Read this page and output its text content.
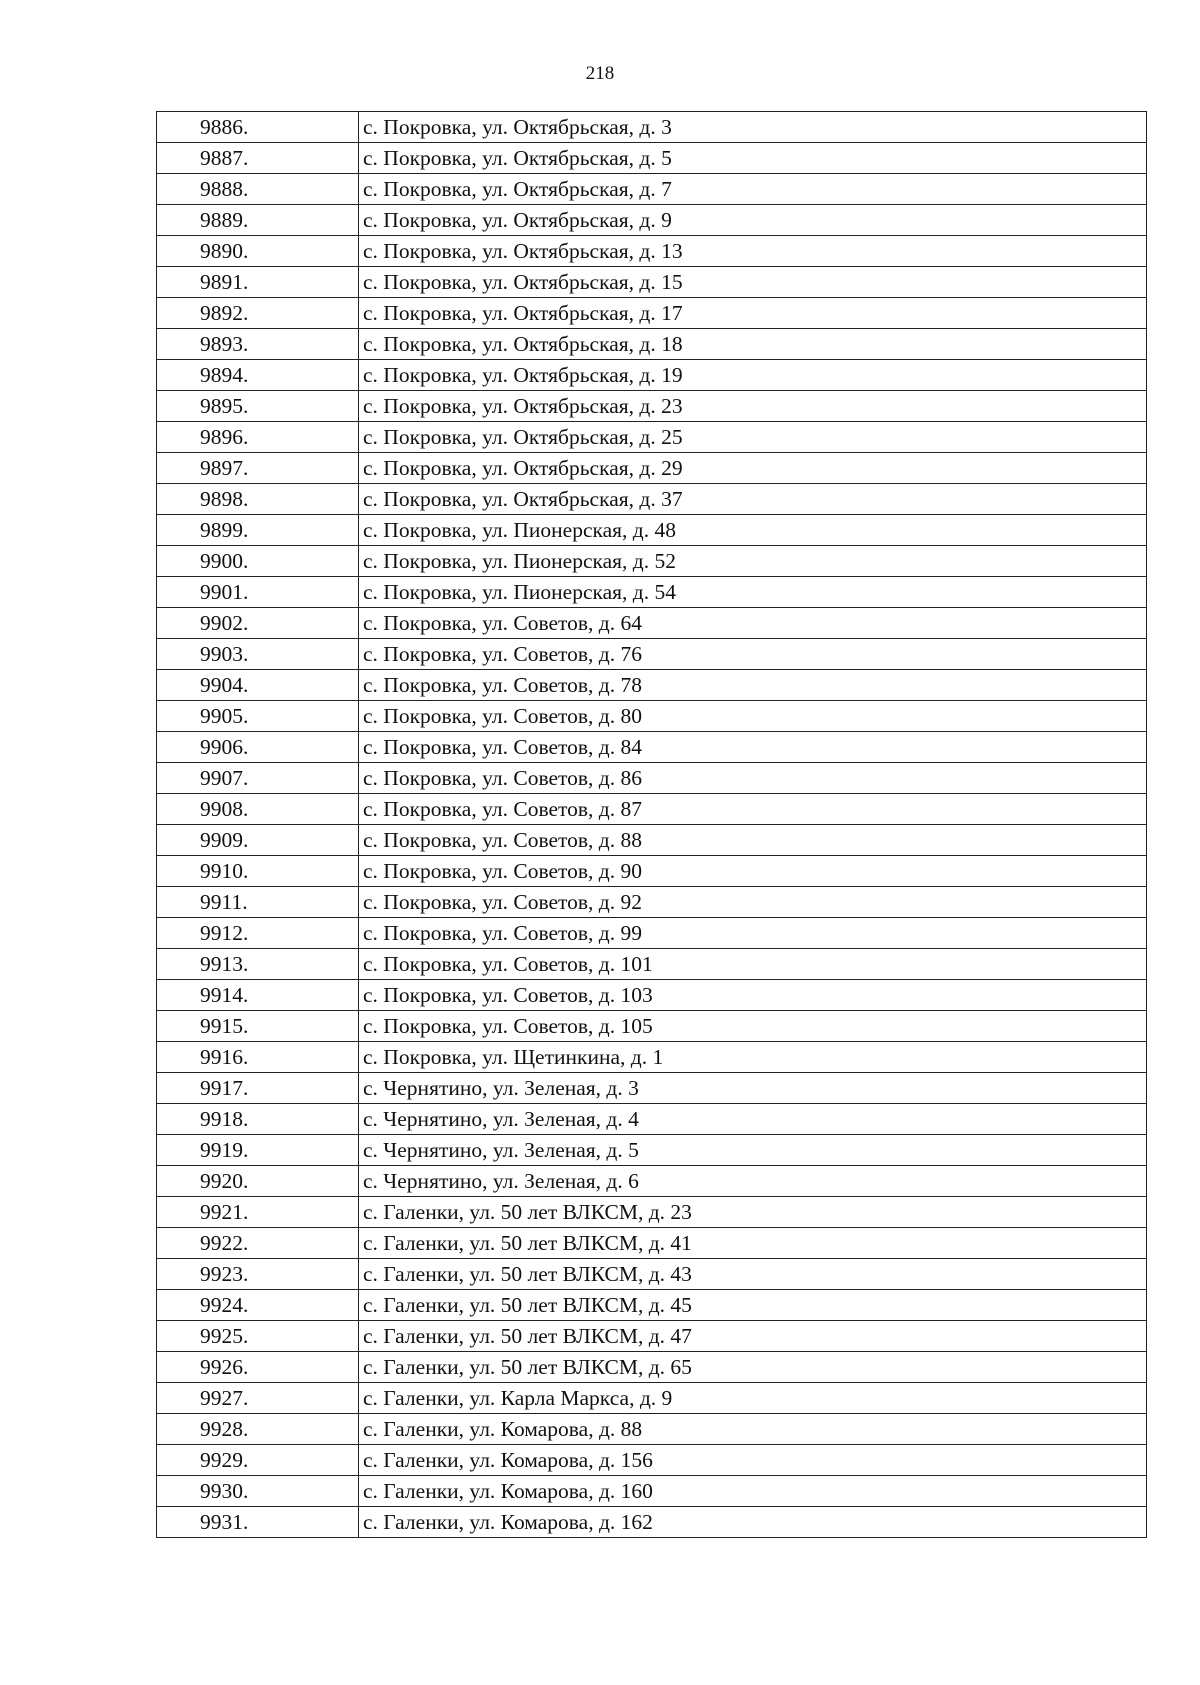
218
9886.	с. Покровка, ул. Октябрьская, д. 3
9887.	с. Покровка, ул. Октябрьская, д. 5
9888.	с. Покровка, ул. Октябрьская, д. 7
9889.	с. Покровка, ул. Октябрьская, д. 9
9890.	с. Покровка, ул. Октябрьская, д. 13
9891.	с. Покровка, ул. Октябрьская, д. 15
9892.	с. Покровка, ул. Октябрьская, д. 17
9893.	с. Покровка, ул. Октябрьская, д. 18
9894.	с. Покровка, ул. Октябрьская, д. 19
9895.	с. Покровка, ул. Октябрьская, д. 23
9896.	с. Покровка, ул. Октябрьская, д. 25
9897.	с. Покровка, ул. Октябрьская, д. 29
9898.	с. Покровка, ул. Октябрьская, д. 37
9899.	с. Покровка, ул. Пионерская, д. 48
9900.	с. Покровка, ул. Пионерская, д. 52
9901.	с. Покровка, ул. Пионерская, д. 54
9902.	с. Покровка, ул. Советов, д. 64
9903.	с. Покровка, ул. Советов, д. 76
9904.	с. Покровка, ул. Советов, д. 78
9905.	с. Покровка, ул. Советов, д. 80
9906.	с. Покровка, ул. Советов, д. 84
9907.	с. Покровка, ул. Советов, д. 86
9908.	с. Покровка, ул. Советов, д. 87
9909.	с. Покровка, ул. Советов, д. 88
9910.	с. Покровка, ул. Советов, д. 90
9911.	с. Покровка, ул. Советов, д. 92
9912.	с. Покровка, ул. Советов, д. 99
9913.	с. Покровка, ул. Советов, д. 101
9914.	с. Покровка, ул. Советов, д. 103
9915.	с. Покровка, ул. Советов, д. 105
9916.	с. Покровка, ул. Щетинкина, д. 1
9917.	с. Чернятино, ул. Зеленая, д. 3
9918.	с. Чернятино, ул. Зеленая, д. 4
9919.	с. Чернятино, ул. Зеленая, д. 5
9920.	с. Чернятино, ул. Зеленая, д. 6
9921.	с. Галенки, ул. 50 лет ВЛКСМ, д. 23
9922.	с. Галенки, ул. 50 лет ВЛКСМ, д. 41
9923.	с. Галенки, ул. 50 лет ВЛКСМ, д. 43
9924.	с. Галенки, ул. 50 лет ВЛКСМ, д. 45
9925.	с. Галенки, ул. 50 лет ВЛКСМ, д. 47
9926.	с. Галенки, ул. 50 лет ВЛКСМ, д. 65
9927.	с. Галенки, ул. Карла Маркса, д. 9
9928.	с. Галенки, ул. Комарова, д. 88
9929.	с. Галенки, ул. Комарова, д. 156
9930.	с. Галенки, ул. Комарова, д. 160
9931.	с. Галенки, ул. Комарова, д. 162
